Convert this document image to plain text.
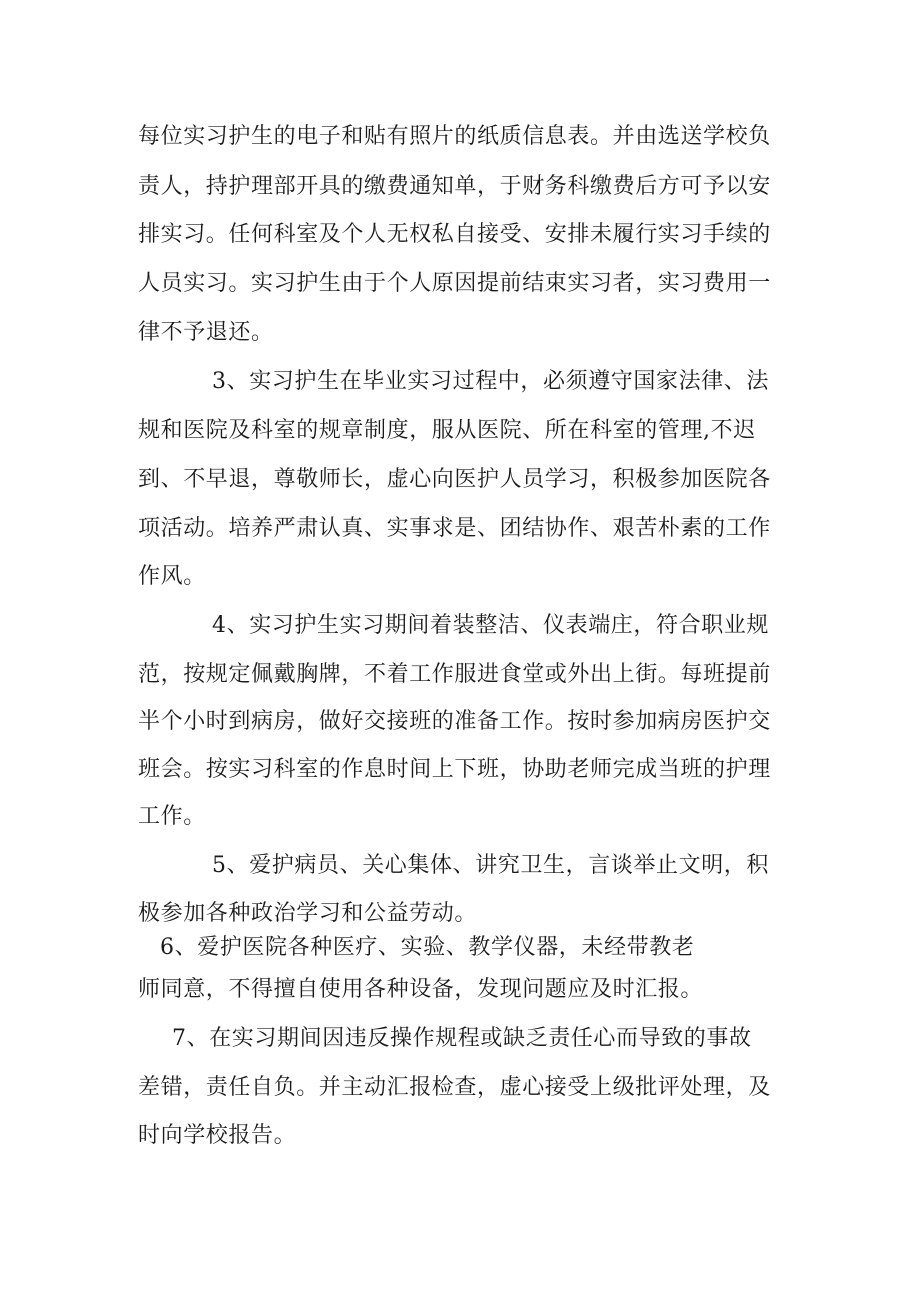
每位实习护生的电子和贴有照片的纸质信息表。并由选送学校负
责人，持护理部开具的缴费通知单，于财务科缴费后方可予以安
排实习。任何科室及个人无权私自接受、安排未履行实习手续的
人员实习。实习护生由于个人原因提前结束实习者，实习费用一
律不予退还。
3、实习护生在毕业实习过程中，必须遵守国家法律、法
规和医院及科室的规章制度，服从医院、所在科室的管理,不迟
到、不早退，尊敬师长，虚心向医护人员学习，积极参加医院各
项活动。培养严肃认真、实事求是、团结协作、艰苦朴素的工作
作风。
4、实习护生实习期间着装整洁、仪表端庄，符合职业规
范，按规定佩戴胸牌，不着工作服进食堂或外出上街。每班提前
半个小时到病房，做好交接班的准备工作。按时参加病房医护交
班会。按实习科室的作息时间上下班，协助老师完成当班的护理
工作。
5、爱护病员、关心集体、讲究卫生，言谈举止文明，积
极参加各种政治学习和公益劳动。
6、爱护医院各种医疗、实验、教学仪器，未经带教老
师同意，不得擅自使用各种设备，发现问题应及时汇报。
7、在实习期间因违反操作规程或缺乏责任心而导致的事故
差错，责任自负。并主动汇报检查，虚心接受上级批评处理，及
时向学校报告。
